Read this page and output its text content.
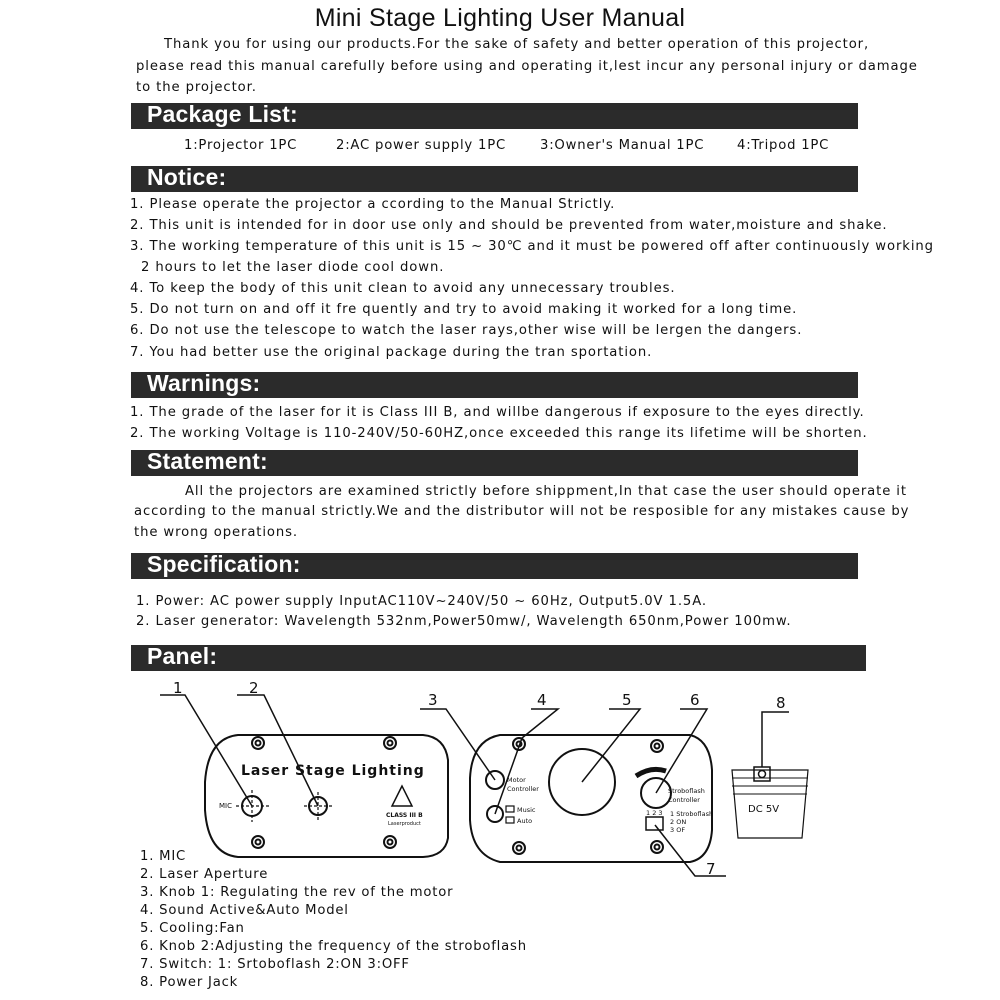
Mini Stage Lighting User Manual
Thank you for using our products.For the sake of safety and better operation of this projector,
please read this manual carefully before using and operating it,lest incur any personal injury or damage
to the projector.
Package List:
1:Projector 1PC	2:AC power supply 1PC	3:Owner's Manual 1PC 4:Tripod 1PC
Notice:
1. Please operate the projector a ccording to the Manual Strictly.
2. This unit is intended for in door use only and should be prevented from water,moisture and shake.
3. The working temperature of this unit is 15 ~ 30℃ and it must be powered off after continuously working
2 hours to let the laser diode cool down.
4. To keep the body of this unit clean to avoid any unnecessary troubles.
5. Do not turn on and off it fre quently and try to avoid making it worked for a long time.
6. Do not use the telescope to watch the laser rays,other wise will be lergen the dangers.
7. You had better use the original package during the tran sportation.
Warnings:
1. The grade of the laser for it is Class III B, and willbe dangerous if exposure to the eyes directly.
2. The working Voltage is 110-240V/50-60HZ,once exceeded this range its lifetime will be shorten.
Statement:
All the projectors are examined strictly before shippment,In that case the user should operate it
according to the manual strictly.We and the distributor will not be resposible for any mistakes cause by
the wrong operations.
Specification:
1. Power: AC power supply InputAC110V~240V/50 ~ 60Hz, Output5.0V 1.5A.
2. Laser generator: Wavelength 532nm,Power50mw/, Wavelength 650nm,Power 100mw.
Panel:
1	2
3	4	5	6
7
8
Laser Stage Lighting
MIC
CLASS III B
Laserproduct
Motor
Controller
Music
Auto
Stroboflash
Controller
1 2 3 1 Stroboflash
2 ON
3 OF
DC 5V
1. MIC
2. Laser Aperture
3. Knob 1: Regulating the rev of the motor
4. Sound Active&Auto Model
5. Cooling:Fan
6. Knob 2:Adjusting the frequency of the stroboflash
7. Switch: 1: Srtoboflash 2:ON 3:OFF
8. Power Jack
